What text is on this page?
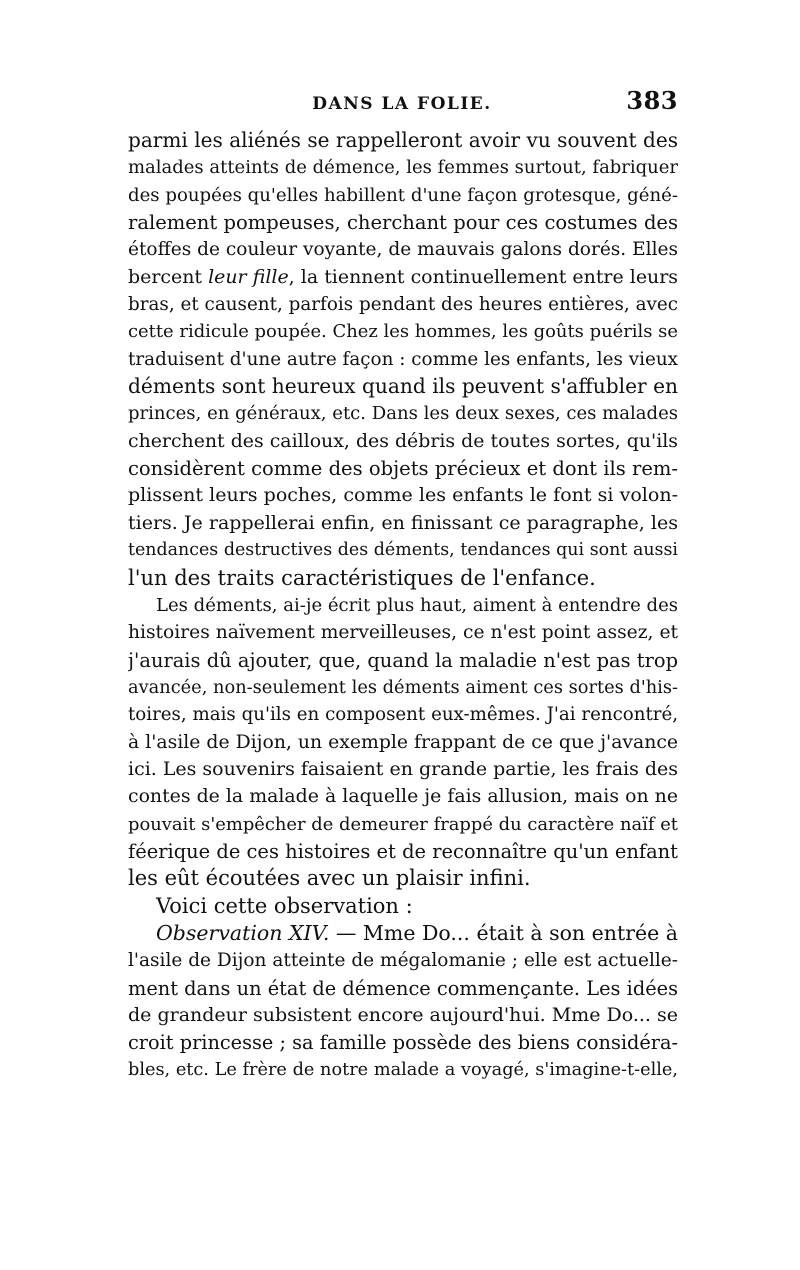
DANS LA FOLIE.	383
parmi les aliénés se rappelleront avoir vu souvent des
malades atteints de démence, les femmes surtout, fabriquer
des poupées qu'elles habillent d'une façon grotesque, géné-
ralement pompeuses, cherchant pour ces costumes des
étoffes de couleur voyante, de mauvais galons dorés. Elles
bercent leur fille, la tiennent continuellement entre leurs
bras, et causent, parfois pendant des heures entières, avec
cette ridicule poupée. Chez les hommes, les goûts puérils se
traduisent d'une autre façon : comme les enfants, les vieux
déments sont heureux quand ils peuvent s'affubler en
princes, en généraux, etc. Dans les deux sexes, ces malades
cherchent des cailloux, des débris de toutes sortes, qu'ils
considèrent comme des objets précieux et dont ils rem-
plissent leurs poches, comme les enfants le font si volon-
tiers. Je rappellerai enfin, en finissant ce paragraphe, les
tendances destructives des déments, tendances qui sont aussi
l'un des traits caractéristiques de l'enfance.
Les déments, ai-je écrit plus haut, aiment à entendre des
histoires naïvement merveilleuses, ce n'est point assez, et
j'aurais dû ajouter, que, quand la maladie n'est pas trop
avancée, non-seulement les déments aiment ces sortes d'his-
toires, mais qu'ils en composent eux-mêmes. J'ai rencontré,
à l'asile de Dijon, un exemple frappant de ce que j'avance
ici. Les souvenirs faisaient en grande partie, les frais des
contes de la malade à laquelle je fais allusion, mais on ne
pouvait s'empêcher de demeurer frappé du caractère naïf et
féerique de ces histoires et de reconnaître qu'un enfant
les eût écoutées avec un plaisir infini.
Voici cette observation :
Observation XIV. — Mme Do... était à son entrée à
l'asile de Dijon atteinte de mégalomanie ; elle est actuelle-
ment dans un état de démence commençante. Les idées
de grandeur subsistent encore aujourd'hui. Mme Do... se
croit princesse ; sa famille possède des biens considéra-
bles, etc. Le frère de notre malade a voyagé, s'imagine-t-elle,
